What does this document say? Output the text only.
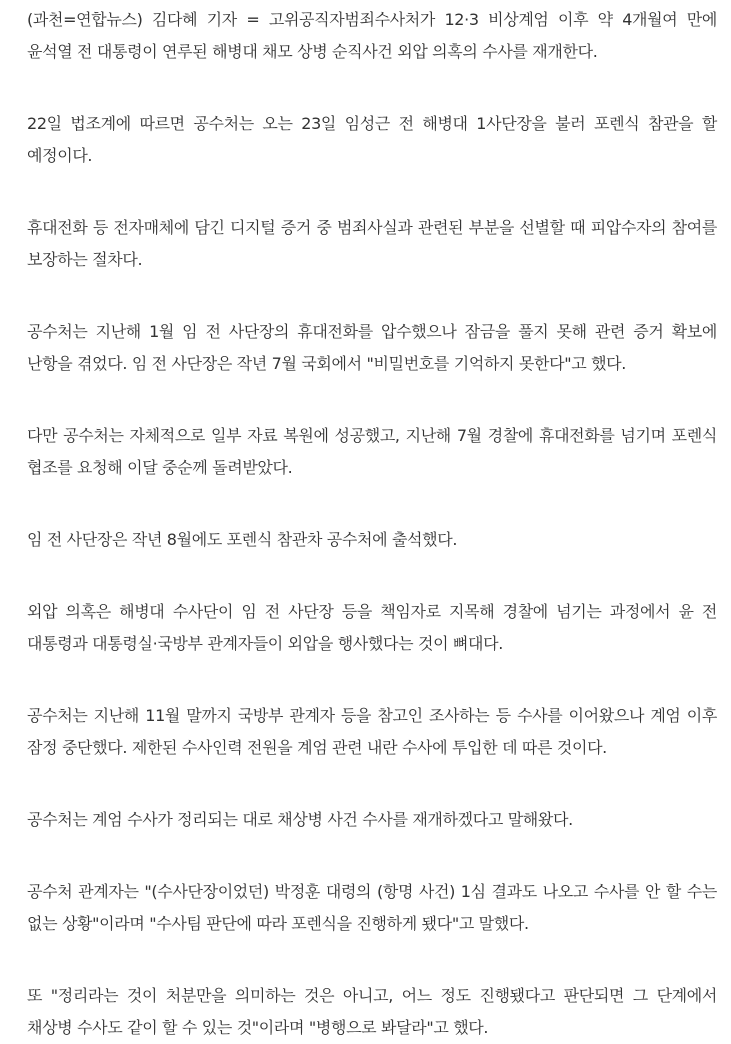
(과천=연합뉴스) 김다혜 기자 = 고위공직자범죄수사처가 12·3 비상계엄 이후 약 4개월여 만에 윤석열 전 대통령이 연루된 해병대 채모 상병 순직사건 외압 의혹의 수사를 재개한다.

22일 법조계에 따르면 공수처는 오는 23일 임성근 전 해병대 1사단장을 불러 포렌식 참관을 할 예정이다.

휴대전화 등 전자매체에 담긴 디지털 증거 중 범죄사실과 관련된 부분을 선별할 때 피압수자의 참여를 보장하는 절차다.

공수처는 지난해 1월 임 전 사단장의 휴대전화를 압수했으나 잠금을 풀지 못해 관련 증거 확보에 난항을 겪었다. 임 전 사단장은 작년 7월 국회에서 "비밀번호를 기억하지 못한다"고 했다.

다만 공수처는 자체적으로 일부 자료 복원에 성공했고, 지난해 7월 경찰에 휴대전화를 넘기며 포렌식 협조를 요청해 이달 중순께 돌려받았다.

임 전 사단장은 작년 8월에도 포렌식 참관차 공수처에 출석했다.

외압 의혹은 해병대 수사단이 임 전 사단장 등을 책임자로 지목해 경찰에 넘기는 과정에서 윤 전 대통령과 대통령실·국방부 관계자들이 외압을 행사했다는 것이 뼈대다.

공수처는 지난해 11월 말까지 국방부 관계자 등을 참고인 조사하는 등 수사를 이어왔으나 계엄 이후 잠정 중단했다. 제한된 수사인력 전원을 계엄 관련 내란 수사에 투입한 데 따른 것이다.

공수처는 계엄 수사가 정리되는 대로 채상병 사건 수사를 재개하겠다고 말해왔다.

공수처 관계자는 "(수사단장이었던) 박정훈 대령의 (항명 사건) 1심 결과도 나오고 수사를 안 할 수는 없는 상황"이라며 "수사팀 판단에 따라 포렌식을 진행하게 됐다"고 말했다.

또 "정리라는 것이 처분만을 의미하는 것은 아니고, 어느 정도 진행됐다고 판단되면 그 단계에서 채상병 수사도 같이 할 수 있는 것"이라며 "병행으로 봐달라"고 했다.
